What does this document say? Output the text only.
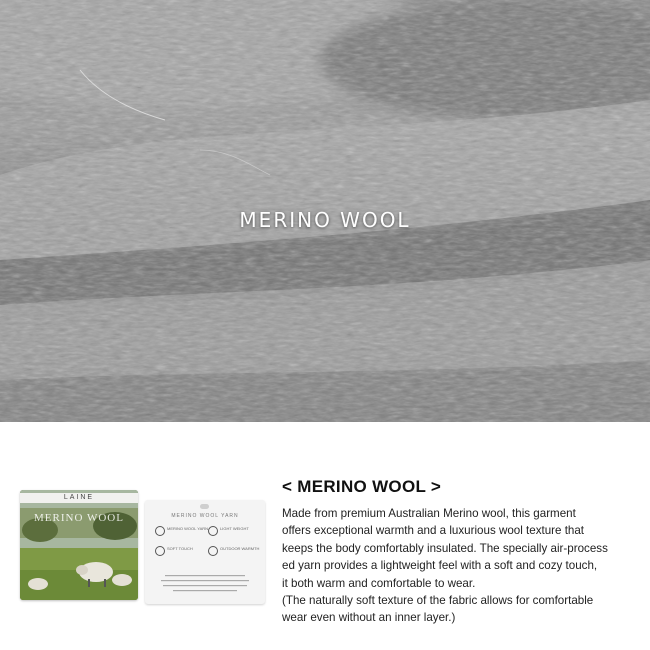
MERINO WOOL
LAINE
MERINO WOOL	MERINO WOOL YARN
MERINO WOOL YARN	LIGHT WEIGHT
SOFT TOUCH	OUTDOOR WARMTH
< MERINO WOOL >
Made from premium Australian Merino wool, this garment
offers exceptional warmth and a luxurious wool texture that
keeps the body comfortably insulated. The specially air-process
ed yarn provides a lightweight feel with a soft and cozy touch,
it both warm and comfortable to wear.
(The naturally soft texture of the fabric allows for comfortable
wear even without an inner layer.)
